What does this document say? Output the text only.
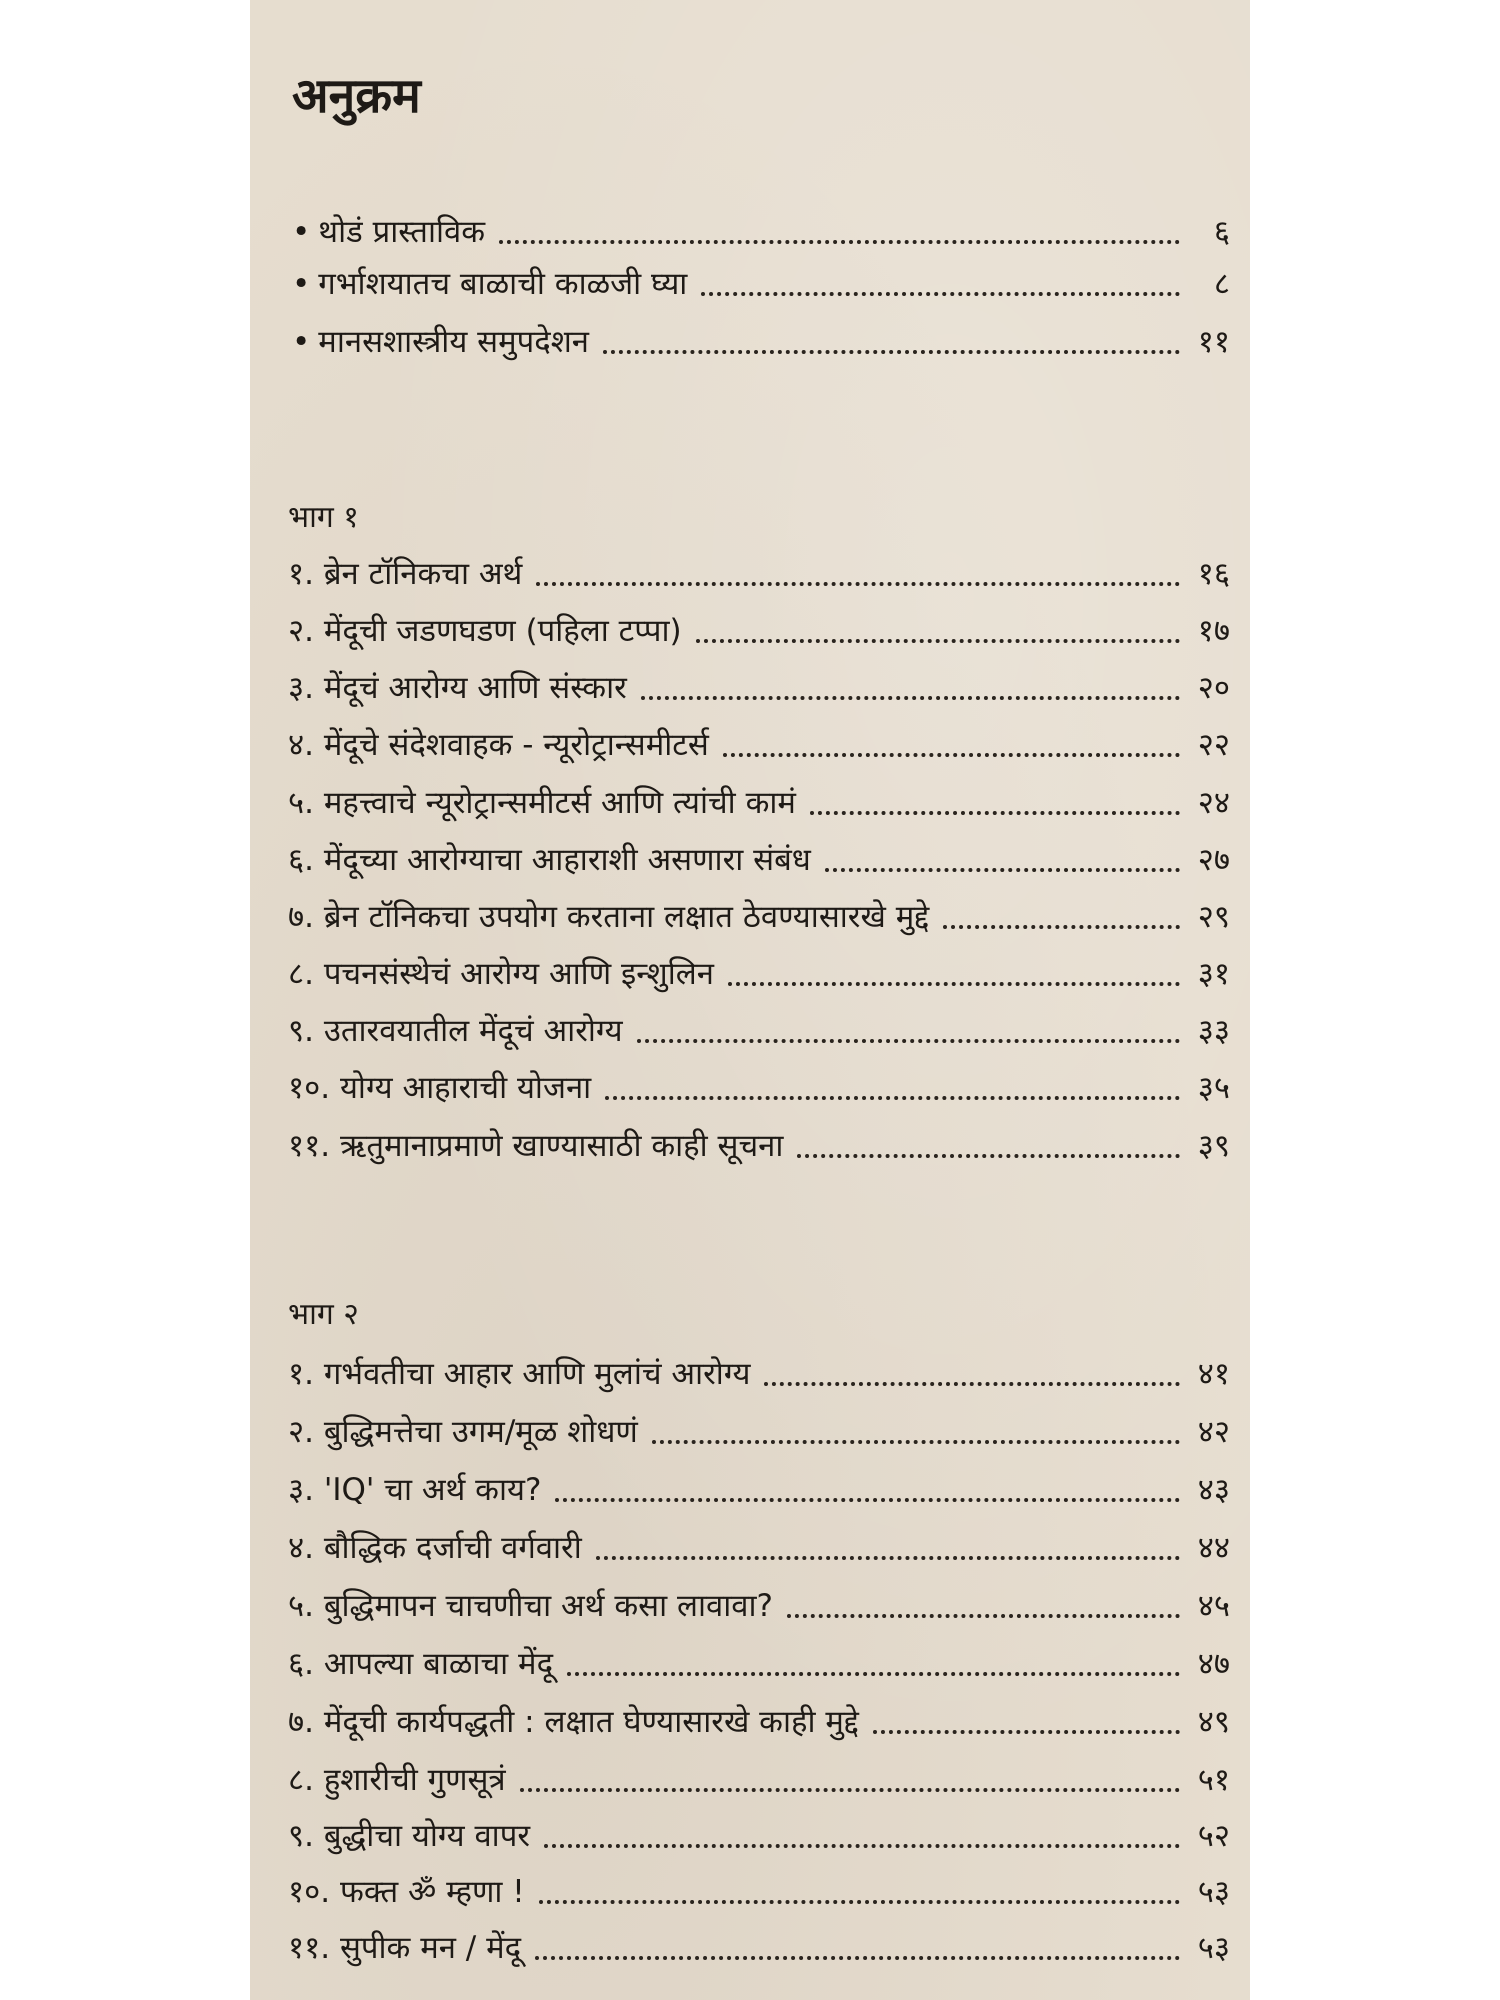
अनुक्रम
• थोडं प्रास्ताविक	६
• गर्भाशयातच बाळाची काळजी घ्या	८
• मानसशास्त्रीय समुपदेशन	११
भाग १
१. ब्रेन टॉनिकचा अर्थ	१६
२. मेंदूची जडणघडण (पहिला टप्पा)	१७
३. मेंदूचं आरोग्य आणि संस्कार	२०
४. मेंदूचे संदेशवाहक - न्यूरोट्रान्समीटर्स	२२
५. महत्त्वाचे न्यूरोट्रान्समीटर्स आणि त्यांची कामं	२४
६. मेंदूच्या आरोग्याचा आहाराशी असणारा संबंध	२७
७. ब्रेन टॉनिकचा उपयोग करताना लक्षात ठेवण्यासारखे मुद्दे	२९
८. पचनसंस्थेचं आरोग्य आणि इन्शुलिन	३१
९. उतारवयातील मेंदूचं आरोग्य	३३
१०. योग्य आहाराची योजना	३५
११. ऋतुमानाप्रमाणे खाण्यासाठी काही सूचना	३९
भाग २
१. गर्भवतीचा आहार आणि मुलांचं आरोग्य	४१
२. बुद्धिमत्तेचा उगम/मूळ शोधणं	४२
३. 'IQ' चा अर्थ काय?	४३
४. बौद्धिक दर्जाची वर्गवारी	४४
५. बुद्धिमापन चाचणीचा अर्थ कसा लावावा?	४५
६. आपल्या बाळाचा मेंदू	४७
७. मेंदूची कार्यपद्धती : लक्षात घेण्यासारखे काही मुद्दे	४९
८. हुशारीची गुणसूत्रं	५१
९. बुद्धीचा योग्य वापर	५२
१०. फक्त ॐ म्हणा !	५३
११. सुपीक मन / मेंदू	५३
